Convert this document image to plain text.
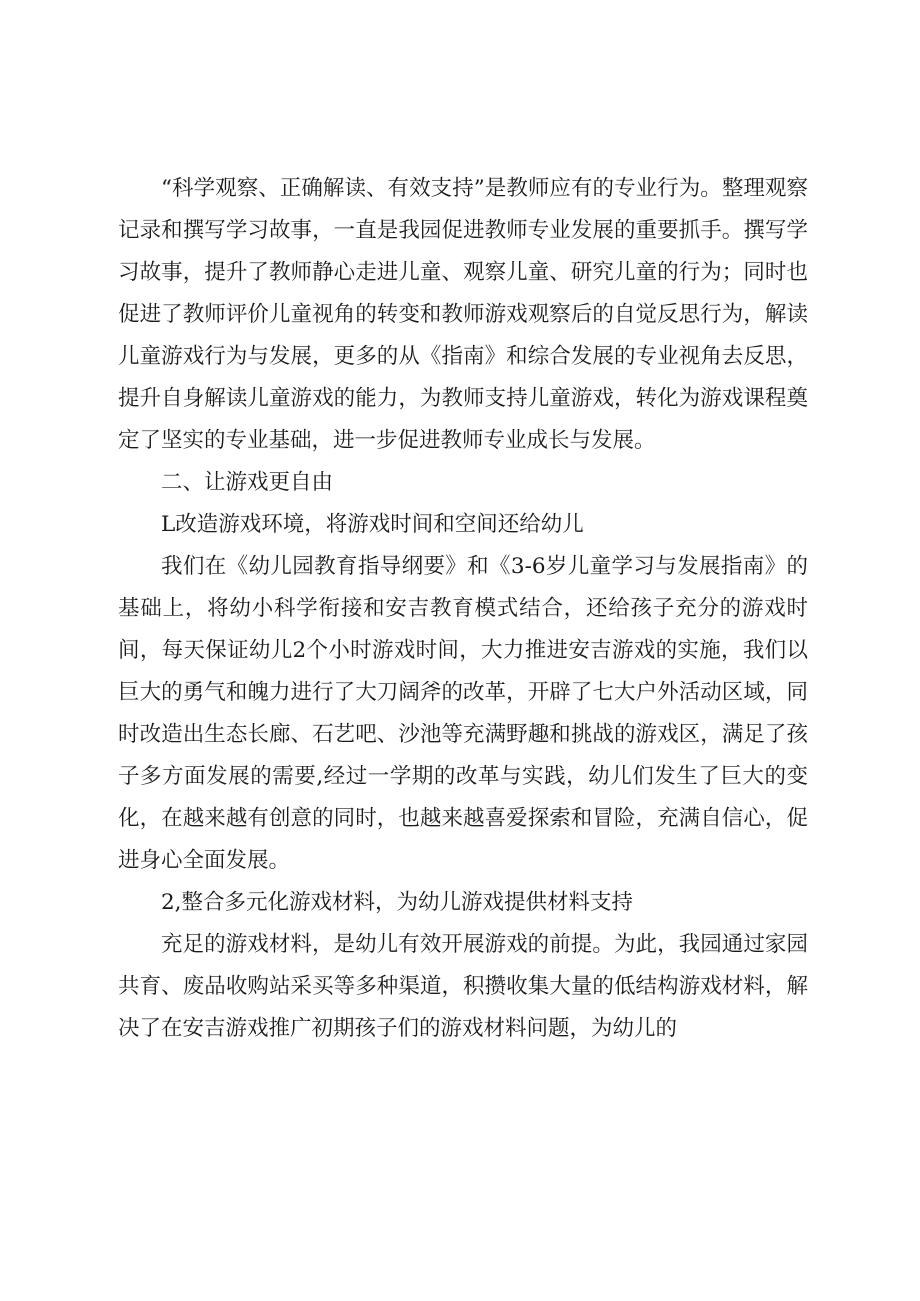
“科学观察、正确解读、有效支持”是教师应有的专业行为。整理观察记录和撰写学习故事，一直是我园促进教师专业发展的重要抓手。撰写学习故事，提升了教师静心走进儿童、观察儿童、研究儿童的行为；同时也促进了教师评价儿童视角的转变和教师游戏观察后的自觉反思行为，解读儿童游戏行为与发展，更多的从《指南》和综合发展的专业视角去反思，提升自身解读儿童游戏的能力，为教师支持儿童游戏，转化为游戏课程奠定了坚实的专业基础，进一步促进教师专业成长与发展。

二、让游戏更自由

L改造游戏环境，将游戏时间和空间还给幼儿

我们在《幼儿园教育指导纲要》和《3-6岁儿童学习与发展指南》的基础上，将幼小科学衔接和安吉教育模式结合，还给孩子充分的游戏时间，每天保证幼儿2个小时游戏时间，大力推进安吉游戏的实施，我们以巨大的勇气和魄力进行了大刀阔斧的改革，开辟了七大户外活动区域，同时改造出生态长廊、石艺吧、沙池等充满野趣和挑战的游戏区，满足了孩子多方面发展的需要,经过一学期的改革与实践，幼儿们发生了巨大的变化，在越来越有创意的同时，也越来越喜爱探索和冒险，充满自信心，促进身心全面发展。

2,整合多元化游戏材料，为幼儿游戏提供材料支持

充足的游戏材料，是幼儿有效开展游戏的前提。为此，我园通过家园共育、废品收购站采买等多种渠道，积攒收集大量的低结构游戏材料，解决了在安吉游戏推广初期孩子们的游戏材料问题，为幼儿的
